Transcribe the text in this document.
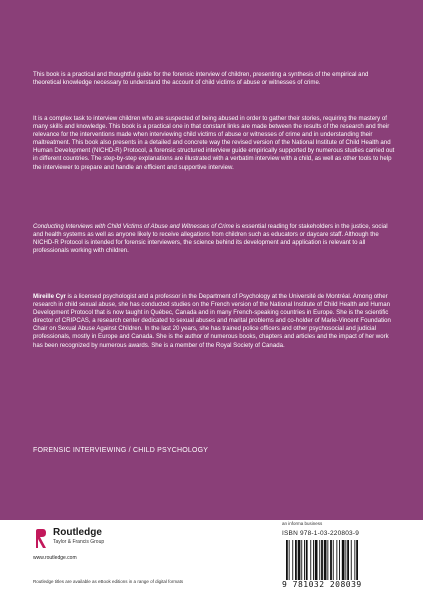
This book is a practical and thoughtful guide for the forensic interview of children, presenting a synthesis of the empirical and theoretical knowledge necessary to understand the account of child victims of abuse or witnesses of crime.

It is a complex task to interview children who are suspected of being abused in order to gather their stories, requiring the mastery of many skills and knowledge. This book is a practical one in that constant links are made between the results of the research and their relevance for the interventions made when interviewing child victims of abuse or witnesses of crime and in understanding their maltreatment. This book also presents in a detailed and concrete way the revised version of the National Institute of Child Health and Human Development (NICHD-R) Protocol, a forensic structured interview guide empirically supported by numerous studies carried out in different countries. The step-by-step explanations are illustrated with a verbatim interview with a child, as well as other tools to help the interviewer to prepare and handle an efficient and supportive interview.

Conducting Interviews with Child Victims of Abuse and Witnesses of Crime is essential reading for stakeholders in the justice, social and health systems as well as anyone likely to receive allegations from children such as educators or daycare staff. Although the NICHD-R Protocol is intended for forensic interviewers, the science behind its development and application is relevant to all professionals working with children.

Mireille Cyr is a licensed psychologist and a professor in the Department of Psychology at the Université de Montréal. Among other research in child sexual abuse, she has conducted studies on the French version of the National Institute of Child Health and Human Development Protocol that is now taught in Québec, Canada and in many French-speaking countries in Europe. She is the scientific director of CRIPCAS, a research center dedicated to sexual abuses and marital problems and co-holder of Marie-Vincent Foundation Chair on Sexual Abuse Against Children. In the last 20 years, she has trained police officers and other psychosocial and judicial professionals, mostly in Europe and Canada. She is the author of numerous books, chapters and articles and the impact of her work has been recognized by numerous awards. She is a member of the Royal Society of Canada.

FORENSIC INTERVIEWING / CHILD PSYCHOLOGY
Routledge
Taylor & Francis Group
www.routledge.com
Routledge titles are available as eBook editions in a range of digital formats
an informa business
ISBN 978-1-03-220803-9
9 781032 208039
